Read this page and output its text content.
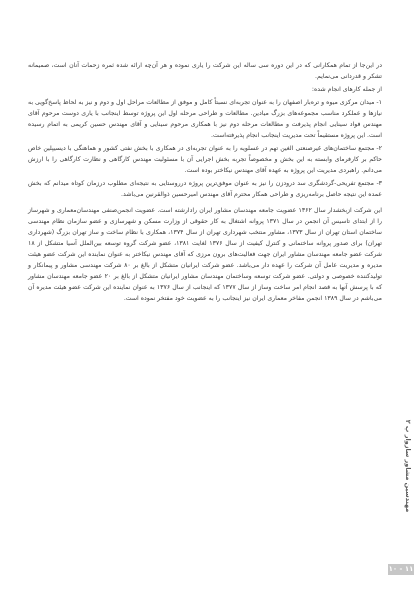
در این‌جا از تمام همکارانی که در این دوره سی ساله این شرکت را یاری نموده و هر آن‌چه ارائه شده ثمره زحمات آنان است، صمیمانه تشکر و قدردانی می‌نمایم.

از جمله کارهای انجام شده:

۱- میدان مرکزی میوه و تره‌بار اصفهان را به عنوان تجربه‌ای نسبتاً کامل و موفق از مطالعات مراحل اول و دوم و نیز به لحاظ پاسخ‌گویی به نیازها و عملکرد مناسب مجموعه‌های بزرگ میادین. مطالعات و طراحی مرحله اول این پروژه توسط اینجانب با یاری دوست مرحوم آقای مهندس فواد سینایی انجام پذیرفت و مطالعات مرحله دوم نیز با همکاری مرحوم سینایی و آقای مهندس حسین کریمی به اتمام رسیده است. این پروژه مستقیماً تحت مدیریت اینجانب انجام پذیرفته‌است.

۲- مجتمع ساختمان‌های غیرصنعتی الغین تهم در عسلویه را به عنوان تجربه‌ای در همکاری با بخش نفتی کشور و هماهنگی با دیسیپلین خاص حاکم بر کارفرمای وابسته به این بخش و مخصوصاً تجربه بخش اجرایی آن با مسئولیت مهندس کارگاهی و نظارت کارگاهی را با ارزش می‌دانم. راهبردی مدیریت این پروژه به عهده آقای مهندس نیکاختر بوده است.

۳- مجتمع تفریحی-گردشگری سد درودزن را نیز به عنوان موفق‌ترین پروژه درروستایی به نتیجه‌ای مطلوب درزمان کوتاه میدانم که بخش عمده این نتیجه حاصل برنامه‌ریزی و طراحی همکار محترم آقای مهندس امیرحسین ذوالقرنین می‌باشد.

این شرکت ازبخشدار سال ۱۳۶۲ عضویت جامعه مهندسان مشاور ایران رادارشته است. عضویت انجمن‌صنفی مهندسان‌معماری و شهرساز را از ابتدای تاسیس آن انجمن در سال ۱۳۷۱ پروانه اشتغال به کار حقوقی از وزارت مسکن و شهرسازی و عضو سازمان نظام مهندسی ساختمان استان تهران از سال ۱۳۷۳، مشاور منتخب شهرداری تهران از سال ۱۳۷۴، همکاری با نظام ساخت و ساز تهران بزرگ (شهرداری تهران) برای صدور پروانه ساختمانی و کنترل کیفیت از سال ۱۳۷۶ لغایت ۱۳۸۱، عضو شرکت گروه توسعه بین‌الملل آسیا متشکل از ۱۸ شرکت عضو جامعه مهندسان مشاور ایران جهت فعالیت‌های برون مرزی که آقای مهندس نیکاختر به عنوان نماینده این شرکت عضو هیئت مدیره و مدیریت عامل آن شرکت را عهده دار می‌باشد. عضو شرکت ایرانیان متشکل از بالغ بر ۸۰ شرکت مهندسی مشاور و پیمانکار و تولیدکننده خصوصی و دولتی. عضو شرکت توسعه وساختمان مهندسان مشاور ایرانیان متشکل از بالغ بر ۲۰ عضو جامعه مهندسان مشاور که با پرسش آنها به قصد انجام امر ساخت وساز از سال ۱۳۷۷ که اینجانب از سال ۱۳۷۶ به عنوان نماینده این شرکت عضو هیئت مدیره آن می‌باشم در سال ۱۳۸۹ انجمن مفاخر معماری ایران نیز اینجانب را به عضویت خود مفتخر نموده است.

مهندسین مشاور سازوار پ ۲
۱۰ - ۱۱
